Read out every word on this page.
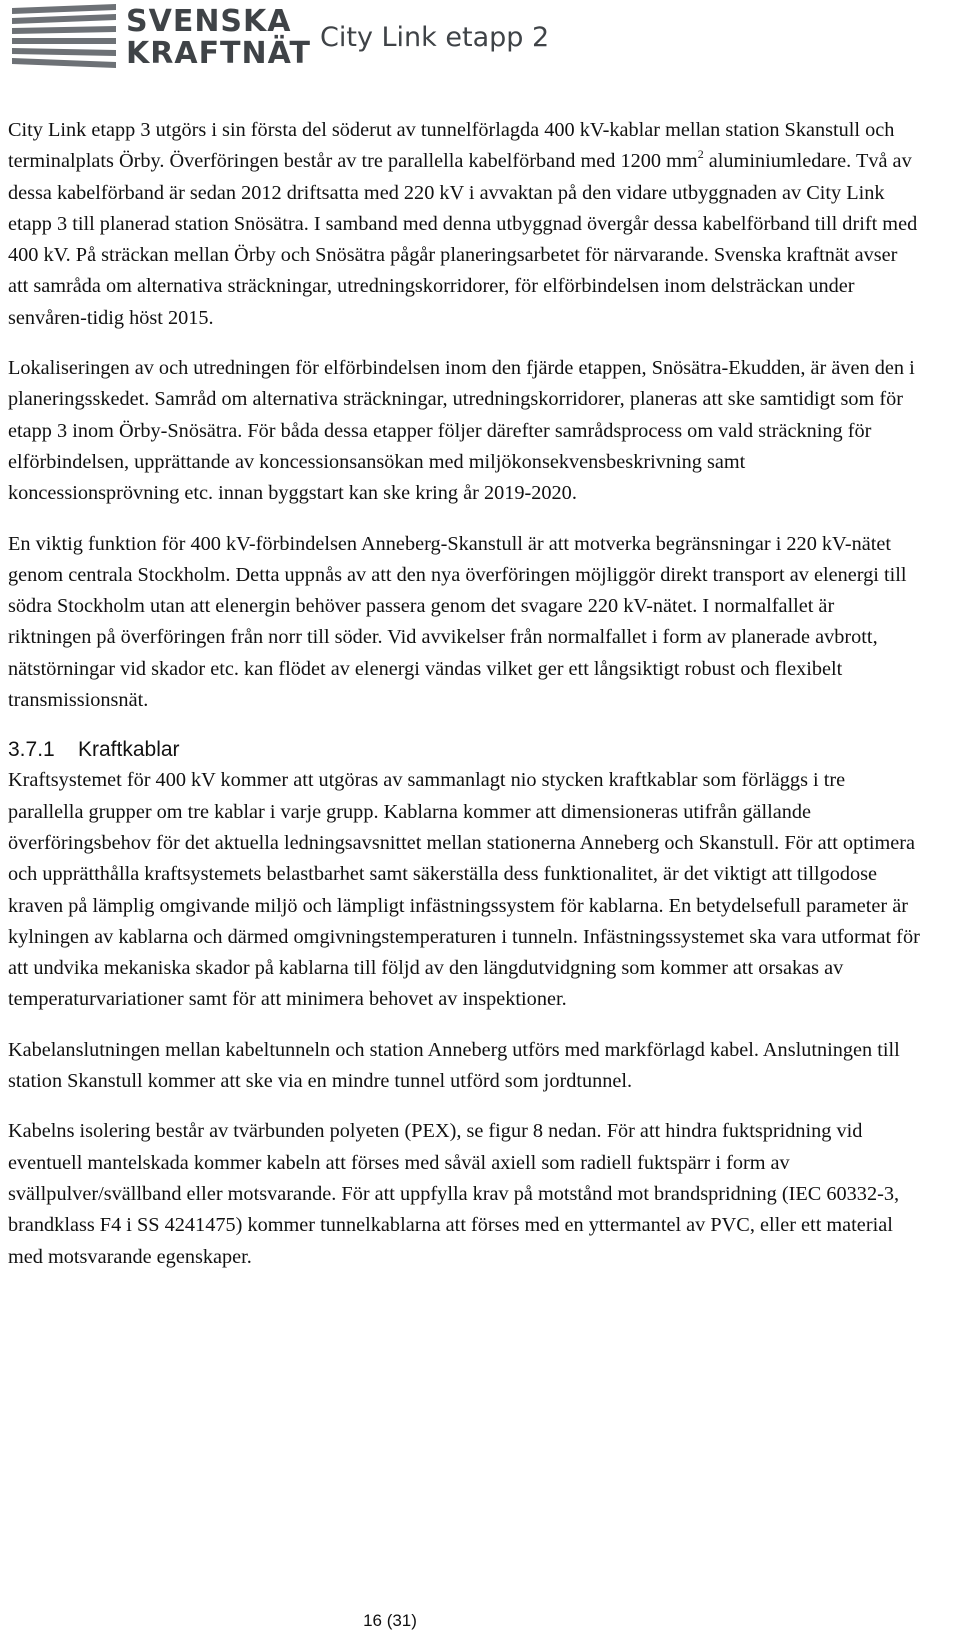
SVENSKA
KRAFTNÄT City Link etapp 2

City Link etapp 3 utgörs i sin första del söderut av tunnelförlagda 400 kV-kablar mellan station Skanstull och terminalplats Örby. Överföringen består av tre parallella kabelförband med 1200 $mm^2$ aluminiumledare. Två av dessa kabelförband är sedan 2012 driftsatta med 220 kV i avvaktan på den vidare utbyggnaden av City Link etapp 3 till planerad station Snösätra. I samband med denna utbyggnad övergår dessa kabelförband till drift med 400 kV. På sträckan mellan Örby och Snösätra pågår planeringsarbetet för närvarande. Svenska kraftnät avser att samråda om alternativa sträckningar, utredningskorridorer, för elförbindelsen inom delsträckan under senvåren-tidig höst 2015.

Lokaliseringen av och utredningen för elförbindelsen inom den fjärde etappen, Snösätra-Ekudden, är även den i planeringsskedet. Samråd om alternativa sträckningar, utredningskorridorer, planeras att ske samtidigt som för etapp 3 inom Örby-Snösätra. För båda dessa etapper följer därefter samrådsprocess om vald sträckning för elförbindelsen, upprättande av koncessionsansökan med miljökonsekvensbeskrivning samt koncessionsprövning etc. innan byggstart kan ske kring år 2019-2020.

En viktig funktion för 400 kV-förbindelsen Anneberg-Skanstull är att motverka begränsningar i 220 kV-nätet genom centrala Stockholm. Detta uppnås av att den nya överföringen möjliggör direkt transport av elenergi till södra Stockholm utan att elenergin behöver passera genom det svagare 220 kV-nätet. I normalfallet är riktningen på överföringen från norr till söder. Vid avvikelser från normalfallet i form av planerade avbrott, nätstörningar vid skador etc. kan flödet av elenergi vändas vilket ger ett långsiktigt robust och flexibelt transmissionsnät.

3.7.1 Kraftkablar

Kraftsystemet för 400 kV kommer att utgöras av sammanlagt nio stycken kraftkablar som förläggs i tre parallella grupper om tre kablar i varje grupp. Kablarna kommer att dimensioneras utifrån gällande överföringsbehov för det aktuella ledningsavsnittet mellan stationerna Anneberg och Skanstull. För att optimera och upprätthålla kraftsystemets belastbarhet samt säkerställa dess funktionalitet, är det viktigt att tillgodose kraven på lämplig omgivande miljö och lämpligt infästningssystem för kablarna. En betydelsefull parameter är kylningen av kablarna och därmed omgivningstemperaturen i tunneln. Infästningssystemet ska vara utformat för att undvika mekaniska skador på kablarna till följd av den längdutvidgning som kommer att orsakas av temperaturvariationer samt för att minimera behovet av inspektioner.

Kabelanslutningen mellan kabeltunneln och station Anneberg utförs med markförlagd kabel. Anslutningen till station Skanstull kommer att ske via en mindre tunnel utförd som jordtunnel.

Kabelns isolering består av tvärbunden polyeten (PEX), se figur 8 nedan. För att hindra fuktspridning vid eventuell mantelskada kommer kabeln att förses med såväl axiell som radiell fuktspärr i form av svällpulver/svällband eller motsvarande. För att uppfylla krav på motstånd mot brandspridning (IEC 60332-3, brandklass F4 i SS 4241475) kommer tunnelkablarna att förses med en yttermantel av PVC, eller ett material med motsvarande egenskaper.

16 (31)
